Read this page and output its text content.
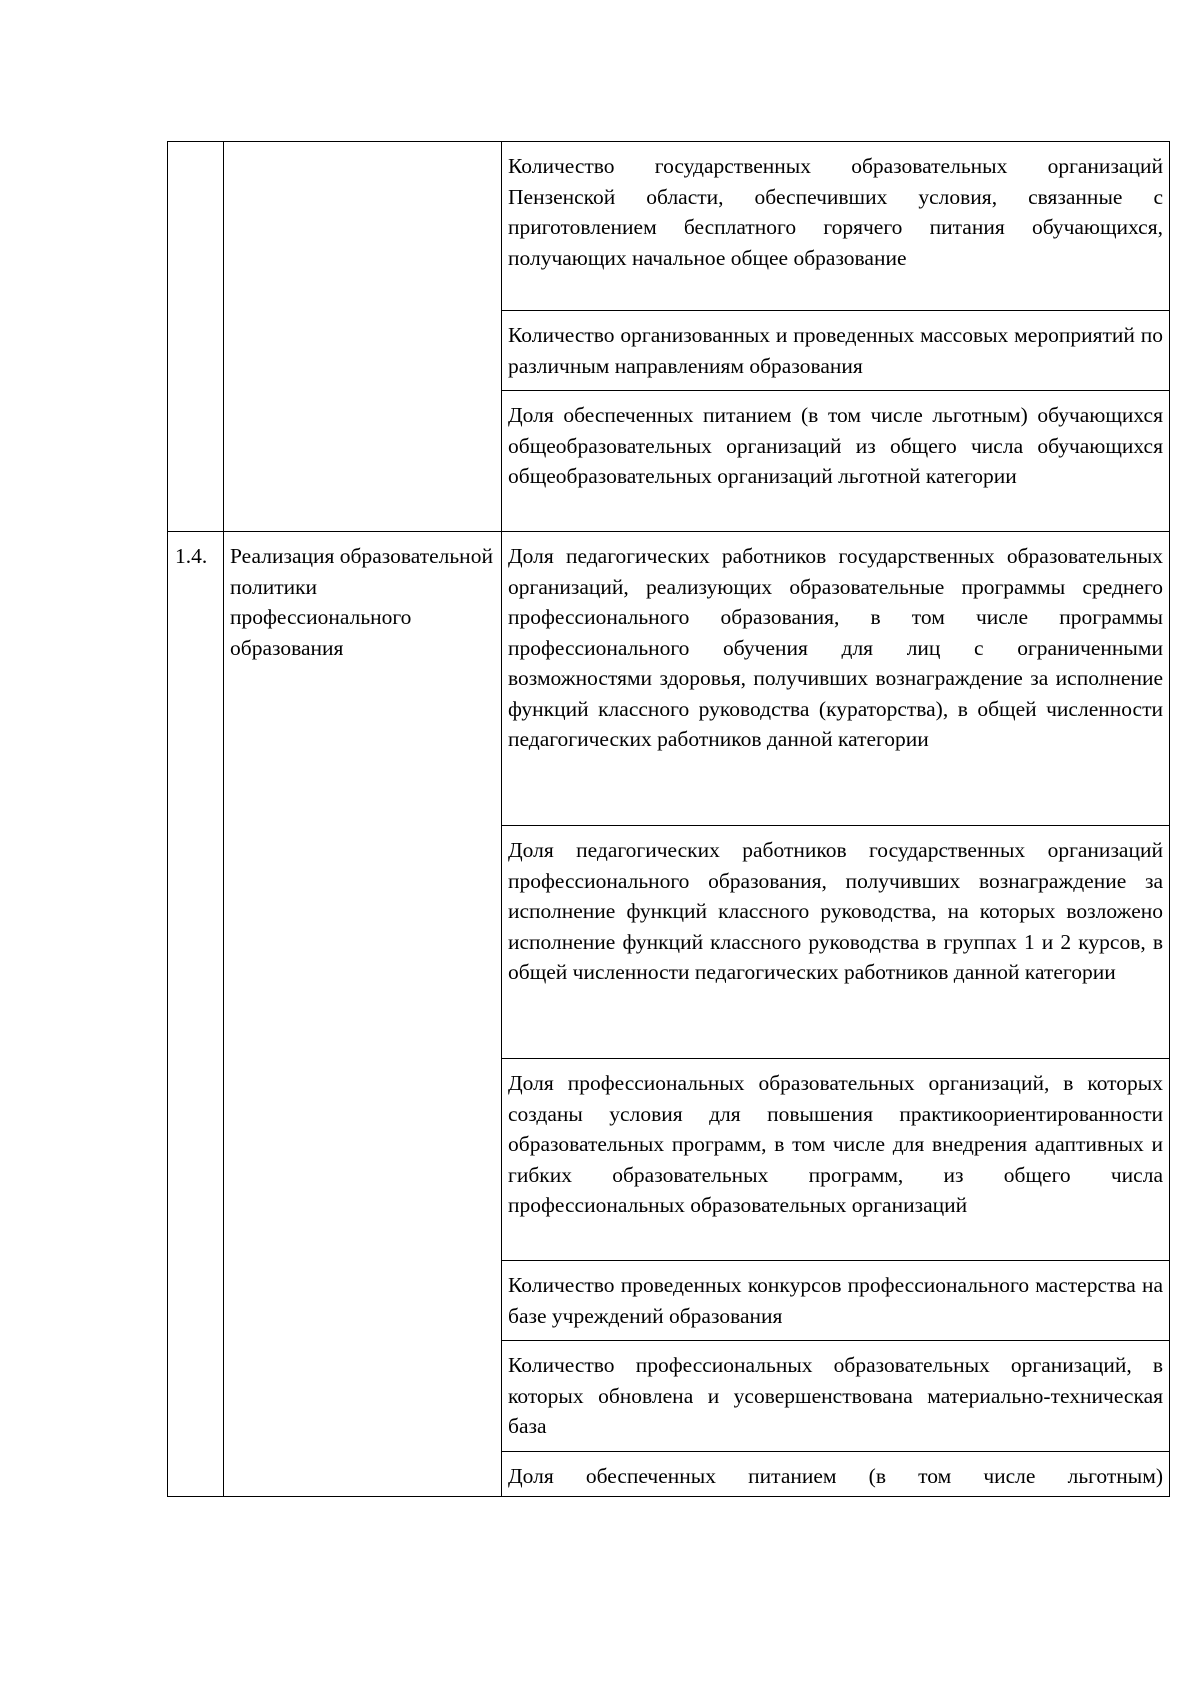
		Количество государственных образовательных организаций Пензенской области, обеспечивших условия, связанные с приготовлением бесплатного горячего питания обучающихся, получающих начальное общее образование
		Количество организованных и проведенных массовых мероприятий по различным направлениям образования
		Доля обеспеченных питанием (в том числе льготным) обучающихся общеобразовательных организаций из общего числа обучающихся общеобразовательных организаций льготной категории
1.4.	Реализация образовательной политики профессионального образования	Доля педагогических работников государственных образовательных организаций, реализующих образовательные программы среднего профессионального образования, в том числе программы профессионального обучения для лиц с ограниченными возможностями здоровья, получивших вознаграждение за исполнение функций классного руководства (кураторства), в общей численности педагогических работников данной категории
		Доля педагогических работников государственных организаций профессионального образования, получивших вознаграждение за исполнение функций классного руководства, на которых возложено исполнение функций классного руководства в группах 1 и 2 курсов, в общей численности педагогических работников данной категории
		Доля профессиональных образовательных организаций, в которых созданы условия для повышения практикоориентированности образовательных программ, в том числе для внедрения адаптивных и гибких образовательных программ, из общего числа профессиональных образовательных организаций
		Количество проведенных конкурсов профессионального мастерства на базе учреждений образования
		Количество профессиональных образовательных организаций, в которых обновлена и усовершенствована материально-техническая база

		Доля обеспеченных питанием (в том числе льготным)
